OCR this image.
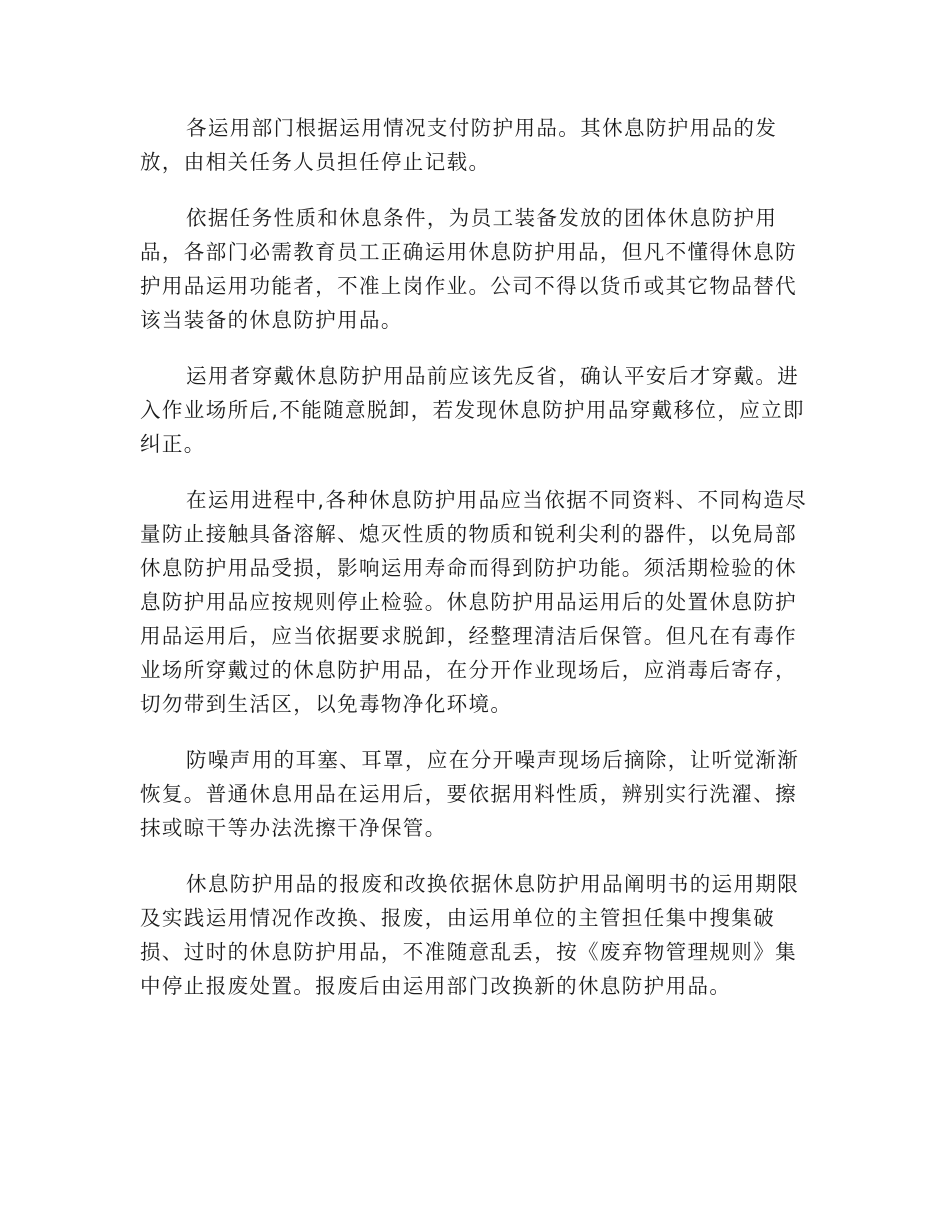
各运用部门根据运用情况支付防护用品。其休息防护用品的发
放，由相关任务人员担任停止记载。

依据任务性质和休息条件，为员工装备发放的团体休息防护用
品，各部门必需教育员工正确运用休息防护用品，但凡不懂得休息防
护用品运用功能者，不准上岗作业。公司不得以货币或其它物品替代
该当装备的休息防护用品。

运用者穿戴休息防护用品前应该先反省，确认平安后才穿戴。进
入作业场所后,不能随意脱卸，若发现休息防护用品穿戴移位，应立即
纠正。

在运用进程中,各种休息防护用品应当依据不同资料、不同构造尽
量防止接触具备溶解、熄灭性质的物质和锐利尖利的器件，以免局部
休息防护用品受损，影响运用寿命而得到防护功能。须活期检验的休
息防护用品应按规则停止检验。休息防护用品运用后的处置休息防护
用品运用后，应当依据要求脱卸，经整理清洁后保管。但凡在有毒作
业场所穿戴过的休息防护用品，在分开作业现场后，应消毒后寄存，
切勿带到生活区，以免毒物净化环境。

防噪声用的耳塞、耳罩，应在分开噪声现场后摘除，让听觉渐渐
恢复。普通休息用品在运用后，要依据用料性质，辨别实行洗濯、擦
抹或晾干等办法洗擦干净保管。

休息防护用品的报废和改换依据休息防护用品阐明书的运用期限
及实践运用情况作改换、报废，由运用单位的主管担任集中搜集破
损、过时的休息防护用品，不准随意乱丢，按《废弃物管理规则》集
中停止报废处置。报废后由运用部门改换新的休息防护用品。
